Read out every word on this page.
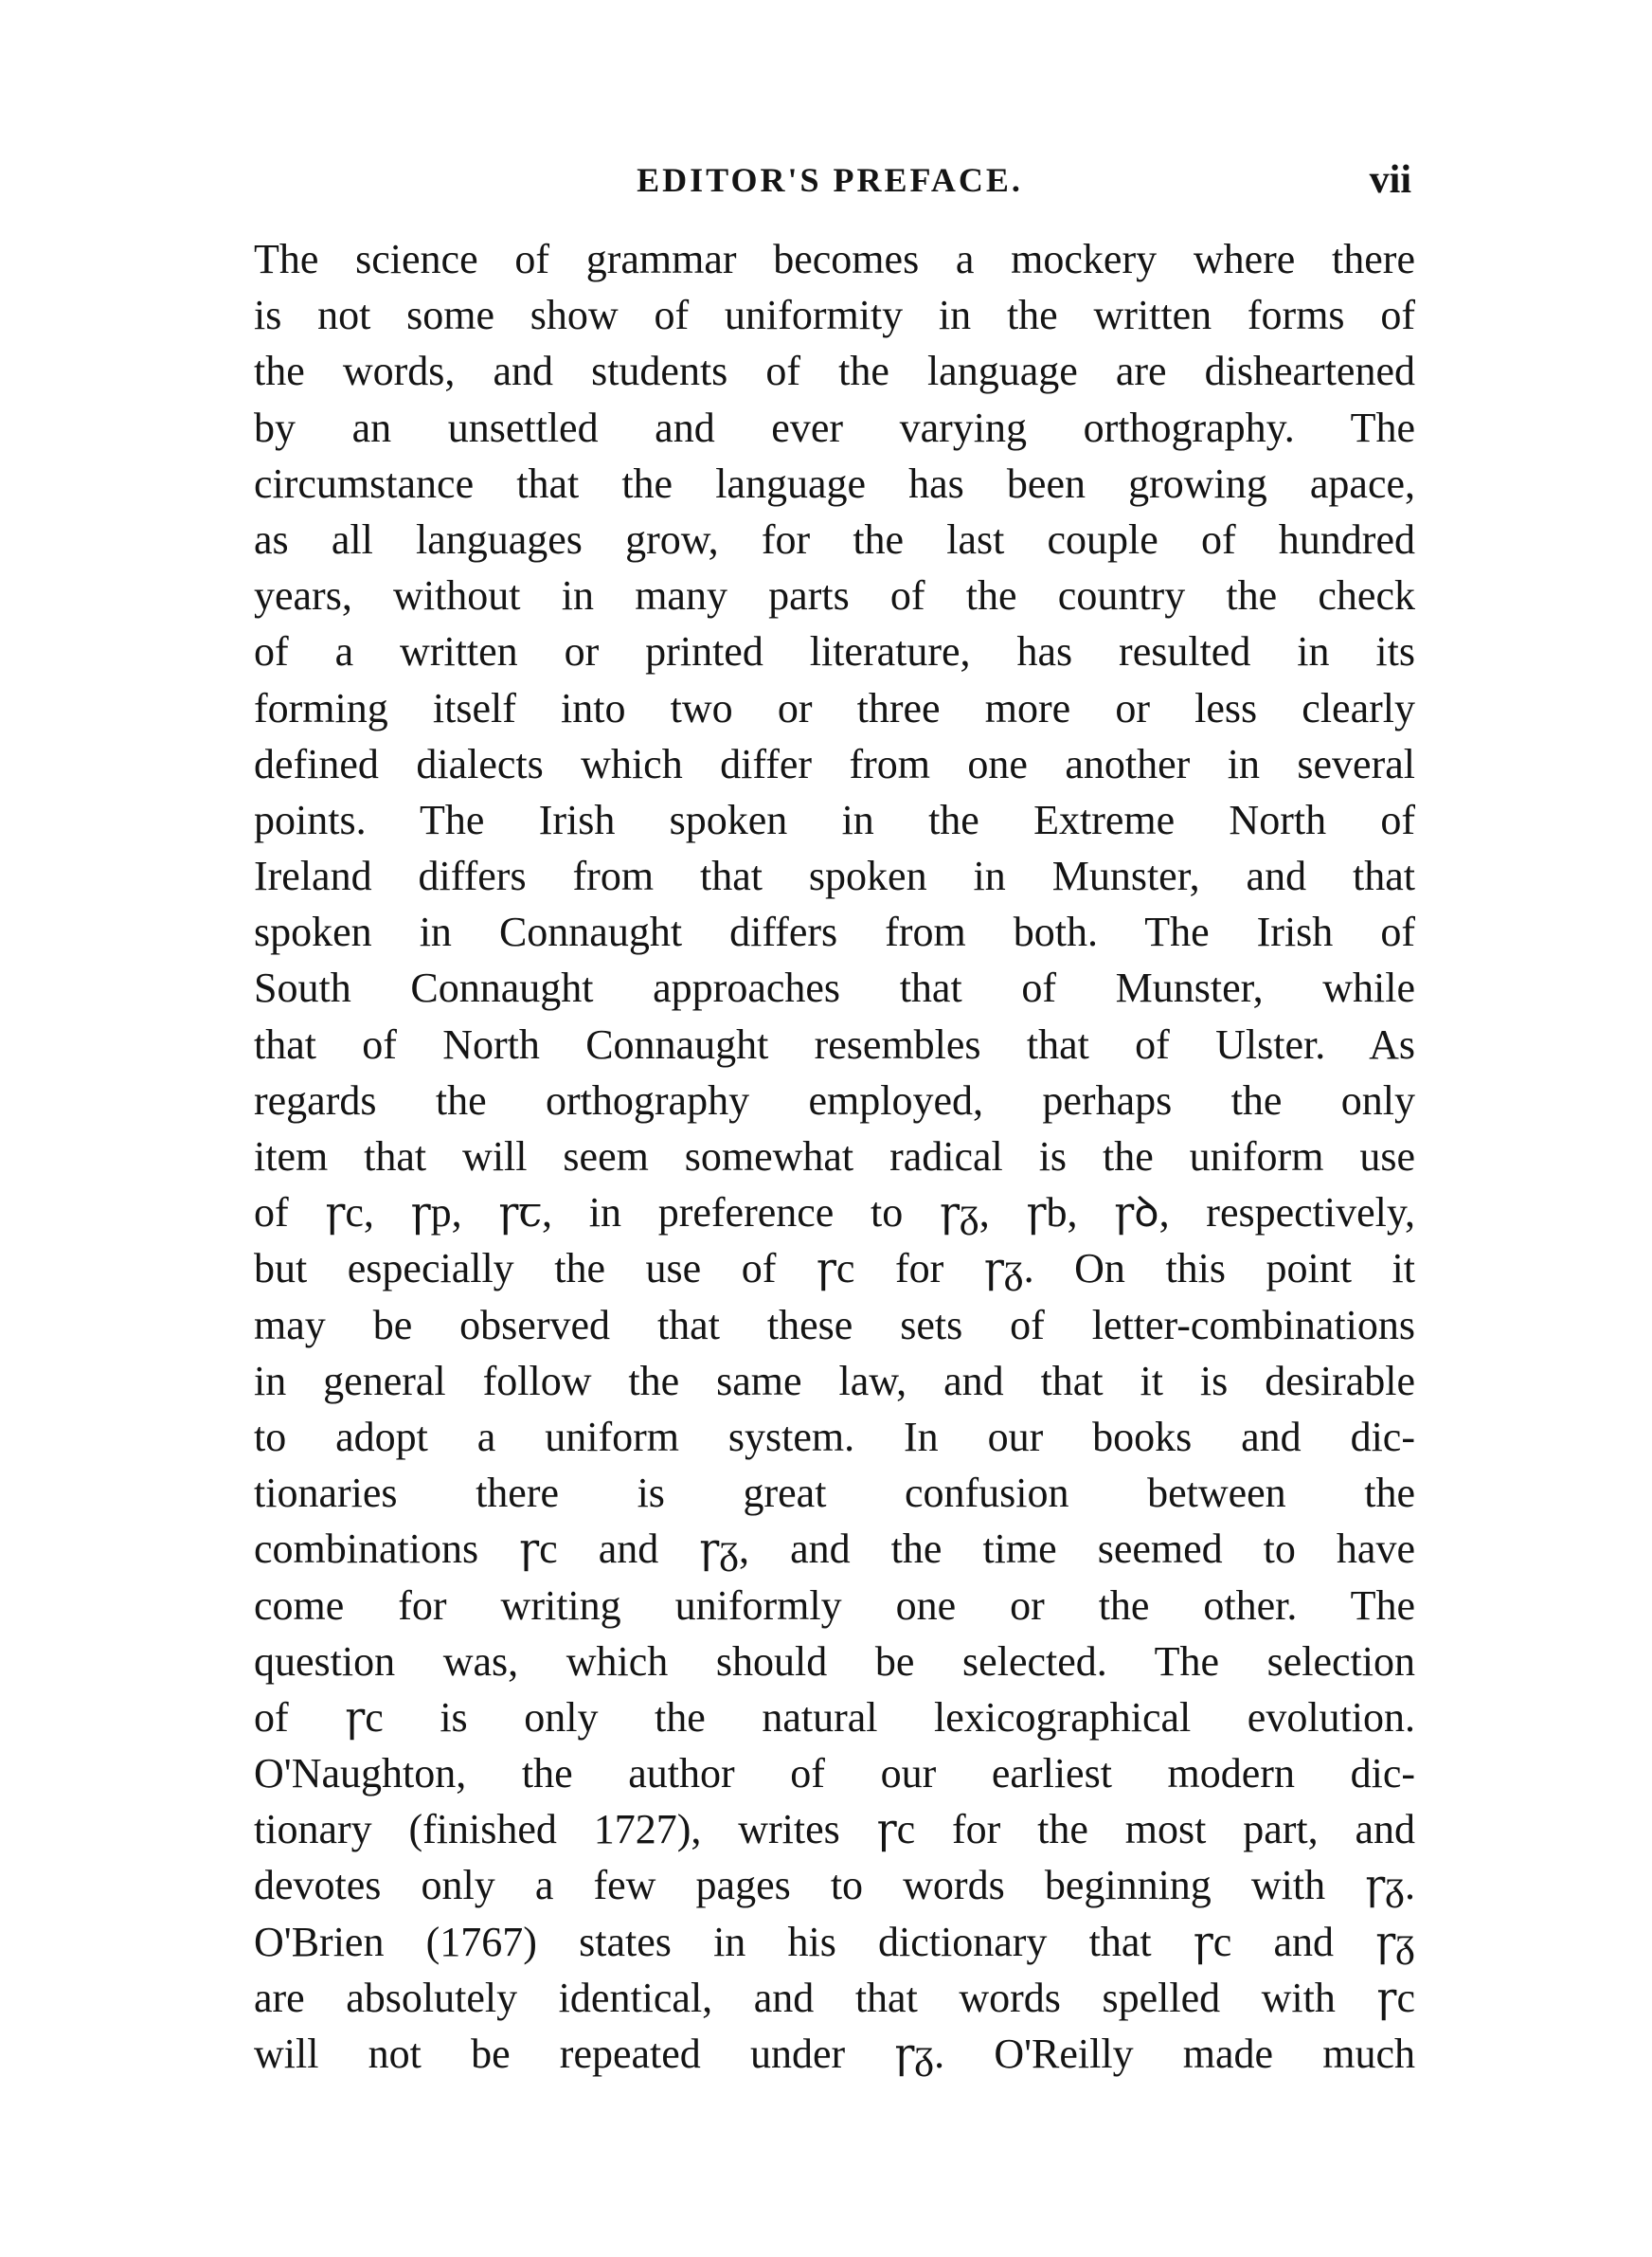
EDITOR'S PREFACE.	vii
The science of grammar becomes a mockery where there
is not some show of uniformity in the written forms of
the words, and students of the language are disheartened
by an unsettled and ever varying orthography. The
circumstance that the language has been growing apace,
as all languages grow, for the last couple of hundred
years, without in many parts of the country the check
of a written or printed literature, has resulted in its
forming itself into two or three more or less clearly
defined dialects which differ from one another in several
points. The Irish spoken in the Extreme North of
Ireland differs from that spoken in Munster, and that
spoken in Connaught differs from both. The Irish of
South Connaught approaches that of Munster, while
that of North Connaught resembles that of Ulster. As
regards the orthography employed, perhaps the only
item that will seem somewhat radical is the uniform use
of ꞅc, ꞅp, ꞅꞇ, in preference to ꞅᵹ, ꞅb, ꞅꝺ, respectively,
but especially the use of ꞅc for ꞅᵹ. On this point it
may be observed that these sets of letter-combinations
in general follow the same law, and that it is desirable
to adopt a uniform system. In our books and dic-
tionaries there is great confusion between the
combinations ꞅc and ꞅᵹ, and the time seemed to have
come for writing uniformly one or the other. The
question was, which should be selected. The selection
of ꞅc is only the natural lexicographical evolution.
O'Naughton, the author of our earliest modern dic-
tionary (finished 1727), writes ꞅc for the most part, and
devotes only a few pages to words beginning with ꞅᵹ.
O'Brien (1767) states in his dictionary that ꞅc and ꞅᵹ
are absolutely identical, and that words spelled with ꞅc
will not be repeated under ꞅᵹ. O'Reilly made much
